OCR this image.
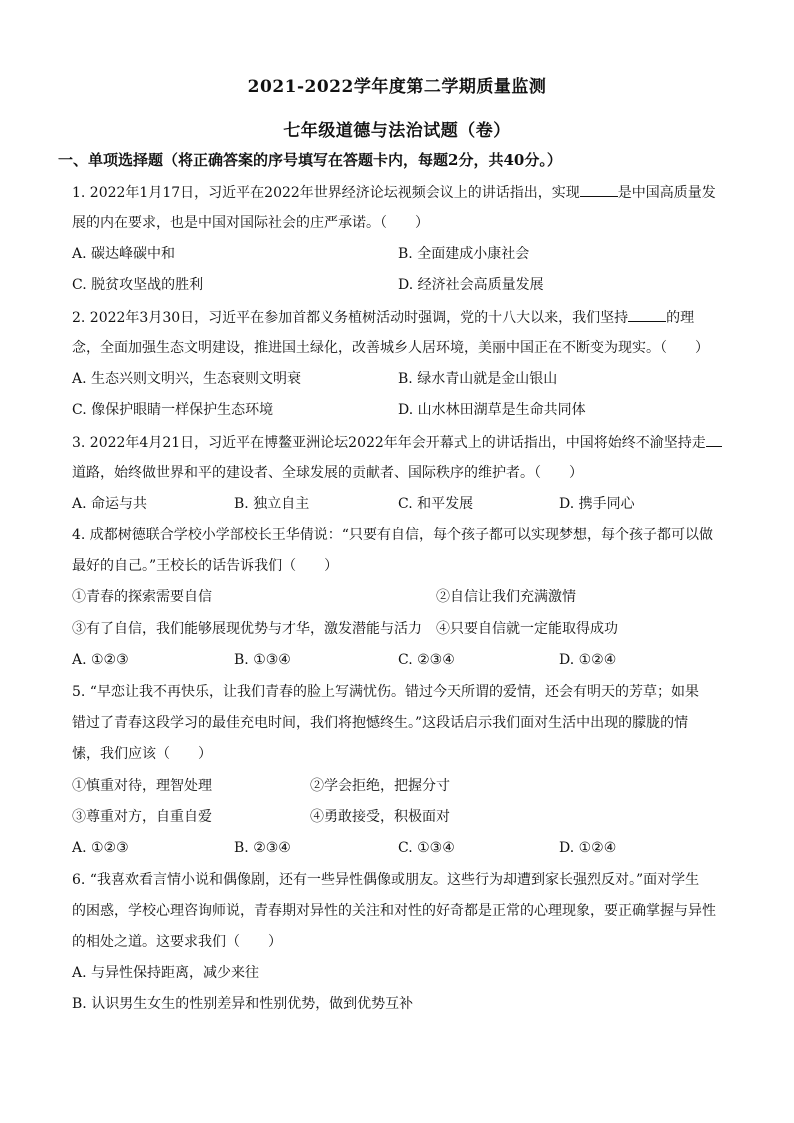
2021-2022学年度第二学期质量监测
七年级道德与法治试题（卷）
一、单项选择题（将正确答案的序号填写在答题卡内，每题2分，共40分。）
1. 2022年1月17日，习近平在2022年世界经济论坛视频会议上的讲话指出，实现	是中国高质量发
展的内在要求，也是中国对国际社会的庄严承诺。（　　）
A. 碳达峰碳中和	B. 全面建成小康社会
C. 脱贫攻坚战的胜利	D. 经济社会高质量发展
2. 2022年3月30日，习近平在参加首都义务植树活动时强调，党的十八大以来，我们坚持	的理
念，全面加强生态文明建设，推进国土绿化，改善城乡人居环境，美丽中国正在不断变为现实。（　　）
A. 生态兴则文明兴，生态衰则文明衰	B. 绿水青山就是金山银山
C. 像保护眼睛一样保护生态环境	D. 山水林田湖草是生命共同体
3. 2022年4月21日，习近平在博鳌亚洲论坛2022年年会开幕式上的讲话指出，中国将始终不渝坚持走
道路，始终做世界和平的建设者、全球发展的贡献者、国际秩序的维护者。（　　）
A. 命运与共	B. 独立自主	C. 和平发展	D. 携手同心
4. 成都树德联合学校小学部校长王华倩说：“只要有自信，每个孩子都可以实现梦想，每个孩子都可以做
最好的自己。”王校长的话告诉我们（　　）
①青春的探索需要自信	②自信让我们充满激情
③有了自信，我们能够展现优势与才华，激发潜能与活力 ④只要自信就一定能取得成功
A. ①②③	B. ①③④	C. ②③④	D. ①②④
5. “早恋让我不再快乐，让我们青春的脸上写满忧伤。错过今天所谓的爱情，还会有明天的芳草；如果
错过了青春这段学习的最佳充电时间，我们将抱憾终生。”这段话启示我们面对生活中出现的朦胧的情
愫，我们应该（　　）
①慎重对待，理智处理	②学会拒绝，把握分寸
③尊重对方，自重自爱	④勇敢接受，积极面对
A. ①②③	B. ②③④	C. ①③④	D. ①②④
6. “我喜欢看言情小说和偶像剧，还有一些异性偶像或朋友。这些行为却遭到家长强烈反对。”面对学生
的困惑，学校心理咨询师说，青春期对异性的关注和对性的好奇都是正常的心理现象，要正确掌握与异性
的相处之道。这要求我们（　　）
A. 与异性保持距离，减少来往
B. 认识男生女生的性别差异和性别优势，做到优势互补
